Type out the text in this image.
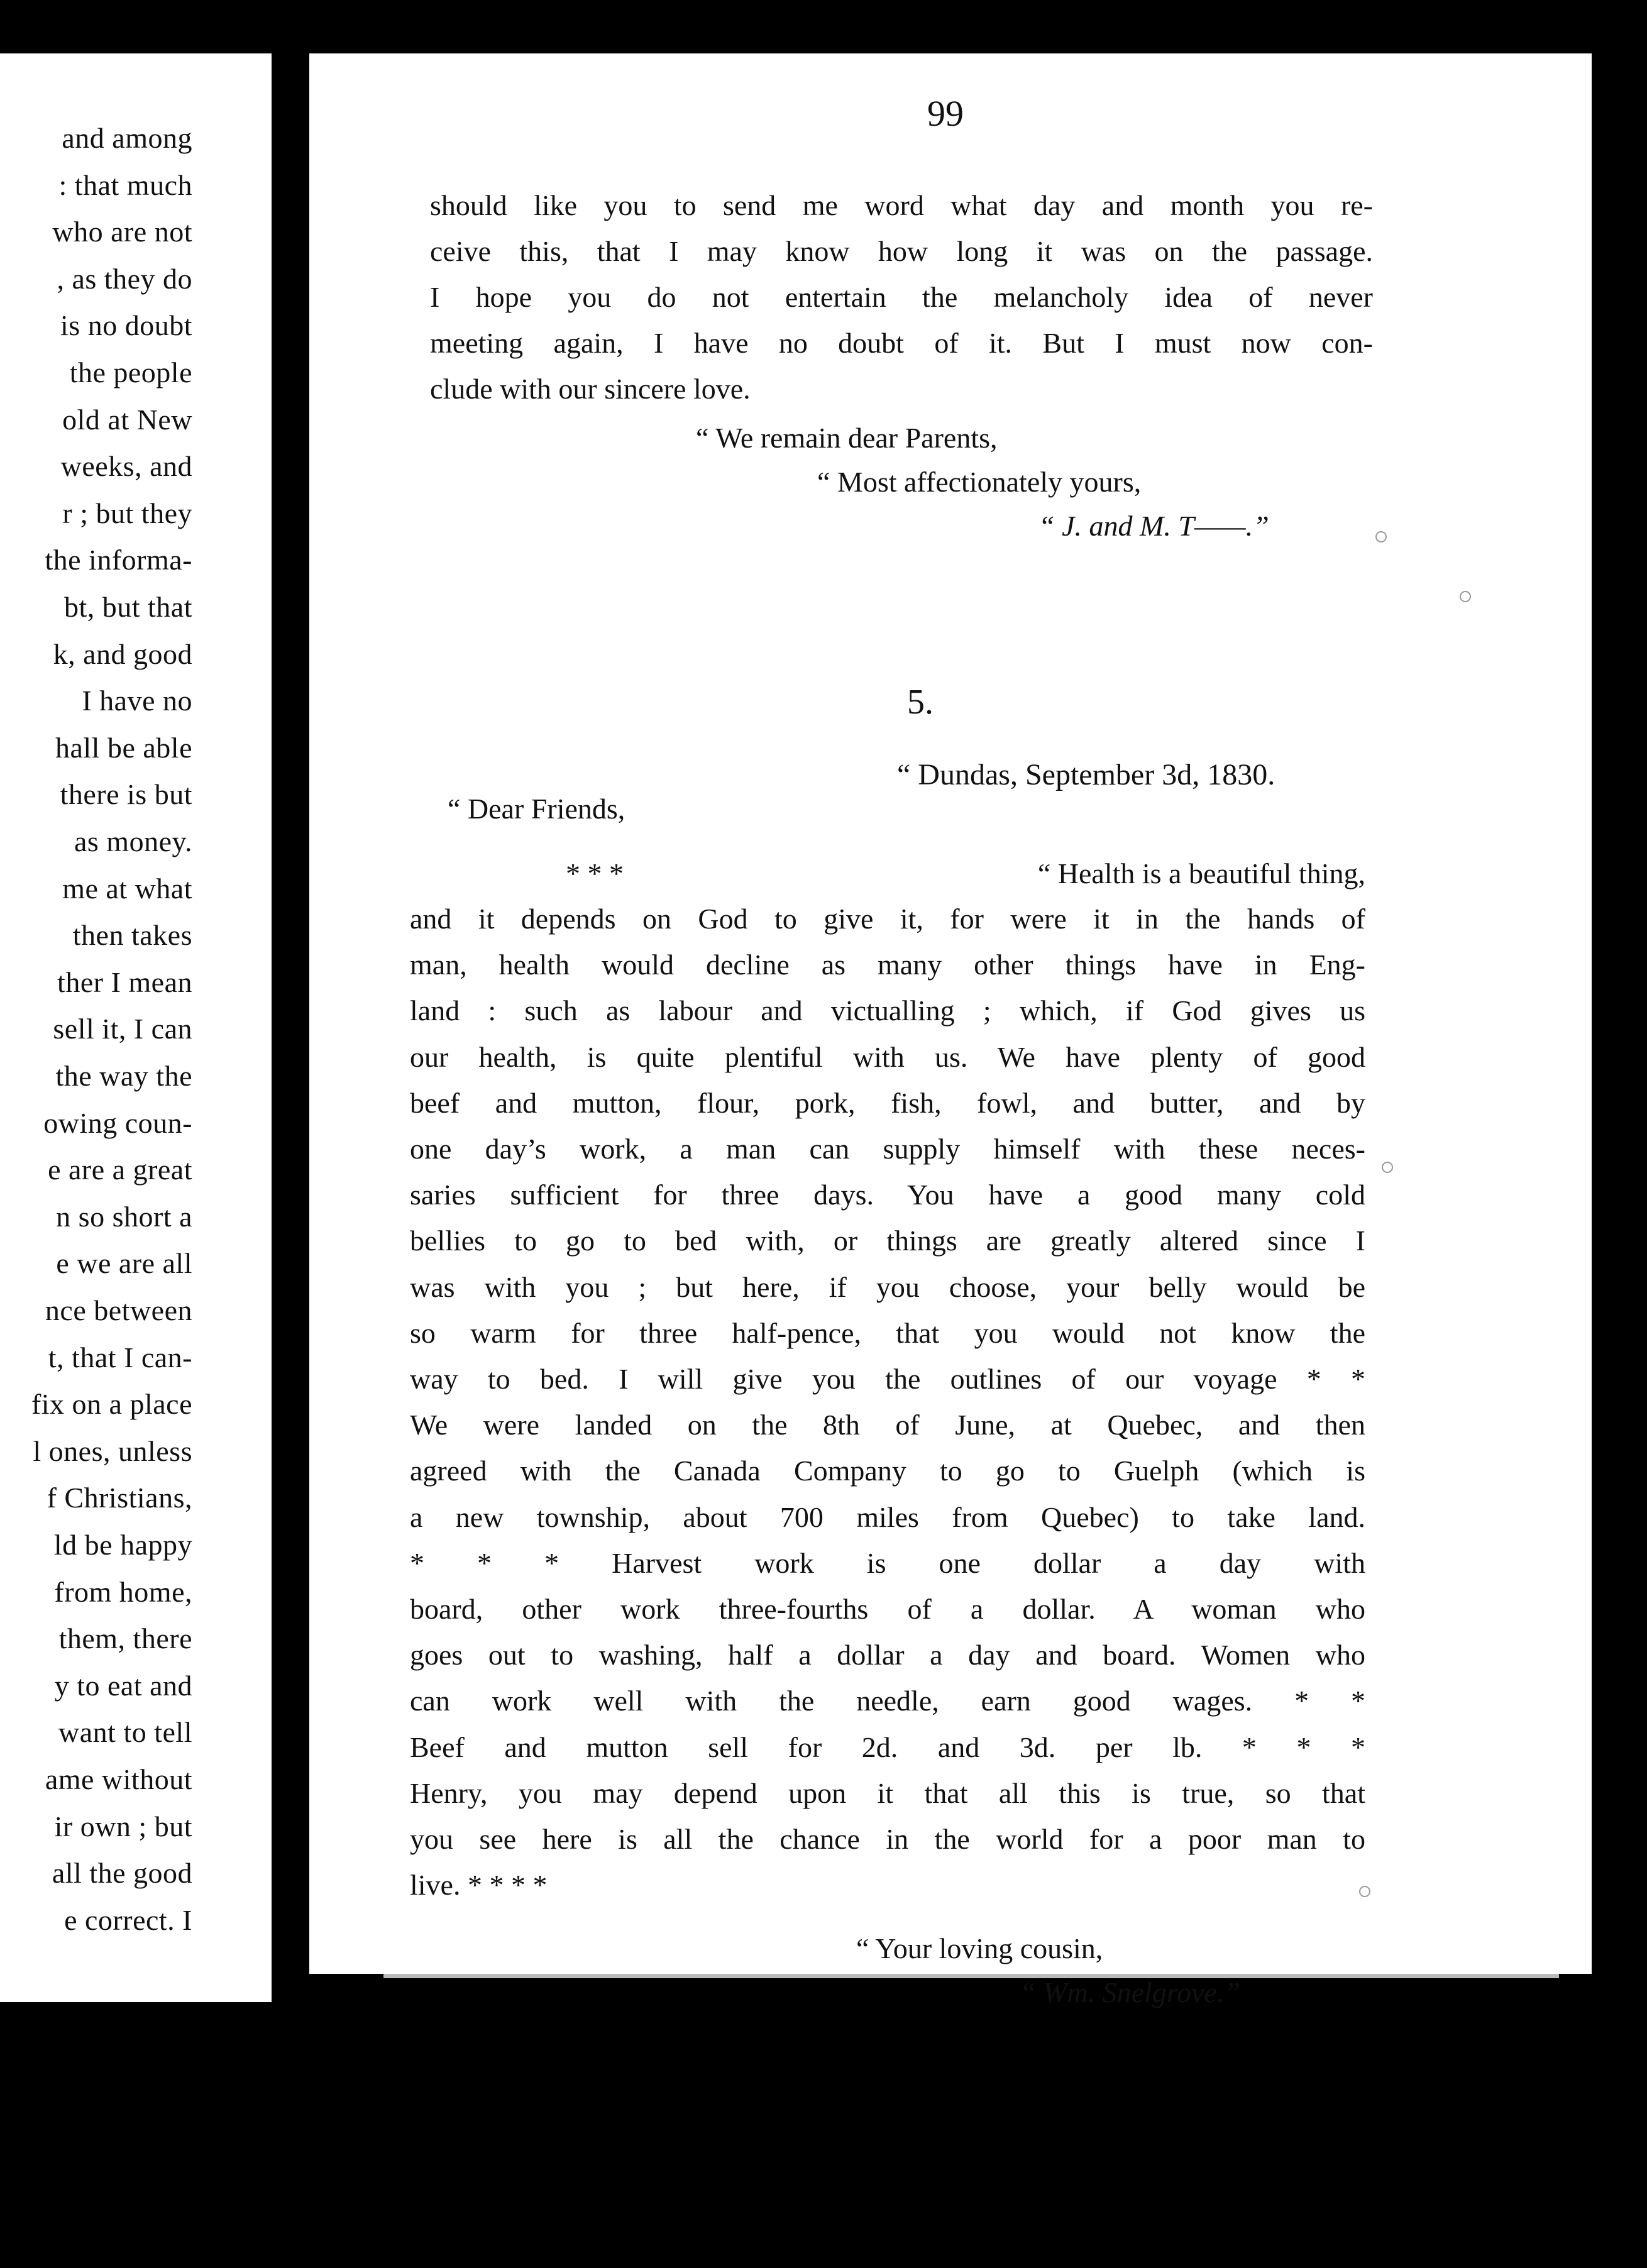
and among
: that much
who are not
, as they do
is no doubt
the people
old at New
weeks, and
r ; but they
the informa-
bt, but that
k, and good
I have no
hall be able
there is but
as money.
me at what
then takes
ther I mean
sell it, I can
the way the
owing coun-
e are a great
n so short a
e we are all
nce between
t, that I can-
fix on a place
l ones, unless
f Christians,
ld be happy
from home,
them, there
y to eat and
want to tell
ame without
ir own ; but
all the good
e correct. I
99
“ We remain dear Parents,
“ Most affectionately yours,
“ J. and M. T——.”
5.
“ Dundas, September 3d, 1830.
“ Dear Friends,
* * *	“ Health is a beautiful thing,
“ Your loving cousin,
“ Wm. Snelgrove.”
should like you to send me word what day and month you re-
ceive this, that I may know how long it was on the passage.
I hope you do not entertain the melancholy idea of never
meeting again, I have no doubt of it. But I must now con-
clude with our sincere love.
and it depends on God to give it, for were it in the hands of
man, health would decline as many other things have in Eng-
land : such as labour and victualling ; which, if God gives us
our health, is quite plentiful with us. We have plenty of good
beef and mutton, flour, pork, fish, fowl, and butter, and by
one day’s work, a man can supply himself with these neces-
saries sufficient for three days. You have a good many cold
bellies to go to bed with, or things are greatly altered since I
was with you ; but here, if you choose, your belly would be
so warm for three half-pence, that you would not know the
way to bed. I will give you the outlines of our voyage * *
We were landed on the 8th of June, at Quebec, and then
agreed with the Canada Company to go to Guelph (which is
a new township, about 700 miles from Quebec) to take land.
* * * Harvest work is one dollar a day with
board, other work three-fourths of a dollar. A woman who
goes out to washing, half a dollar a day and board. Women who
can work well with the needle, earn good wages. * *
Beef and mutton sell for 2d. and 3d. per lb. * * *
Henry, you may depend upon it that all this is true, so that
you see here is all the chance in the world for a poor man to
live. * * * *
